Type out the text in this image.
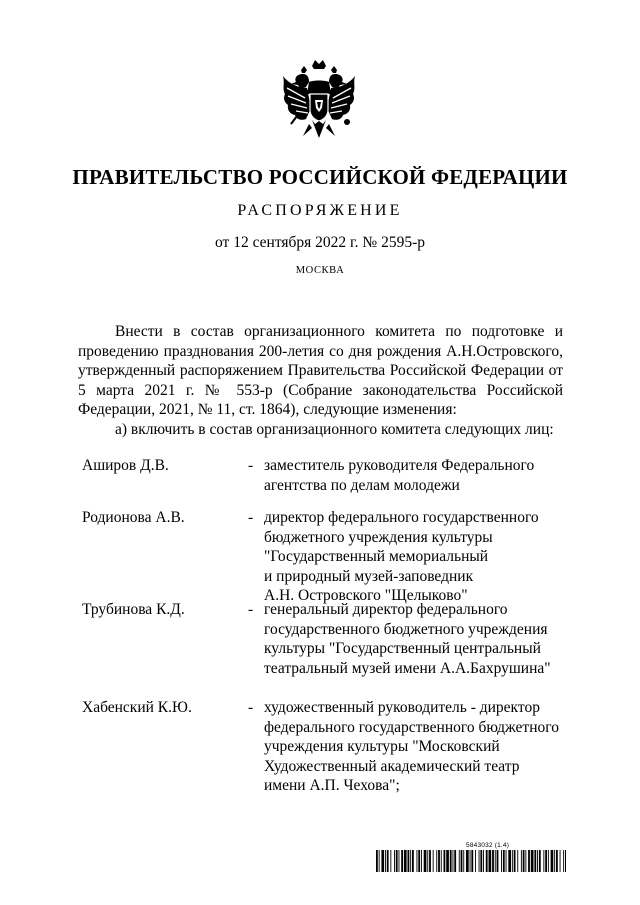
ПРАВИТЕЛЬСТВО РОССИЙСКОЙ ФЕДЕРАЦИИ
РАСПОРЯЖЕНИЕ
от 12 сентября 2022 г. № 2595-р
МОСКВА

Внести в состав организационного комитета по подготовке и проведению празднования 200-летия со дня рождения А.Н.Островского, утвержденный распоряжением Правительства Российской Федерации от 5 марта 2021 г. № 553-р (Собрание законодательства Российской Федерации, 2021, № 11, ст. 1864), следующие изменения:

а) включить в состав организационного комитета следующих лиц:

Аширов Д.В.	- заместитель руководителя Федерального
агентства по делам молодежи
Родионова А.В.	- директор федерального государственного
бюджетного учреждения культуры
"Государственный мемориальный
и природный музей-заповедник
А.Н. Островского "Щелыково"
Трубинова К.Д.	- генеральный директор федерального
государственного бюджетного учреждения
культуры "Государственный центральный
театральный музей имени А.А.Бахрушина"
Хабенский К.Ю.	- художественный руководитель - директор
федерального государственного бюджетного
учреждения культуры "Московский
Художественный академический театр
имени А.П. Чехова";
5843032 (1.4)
